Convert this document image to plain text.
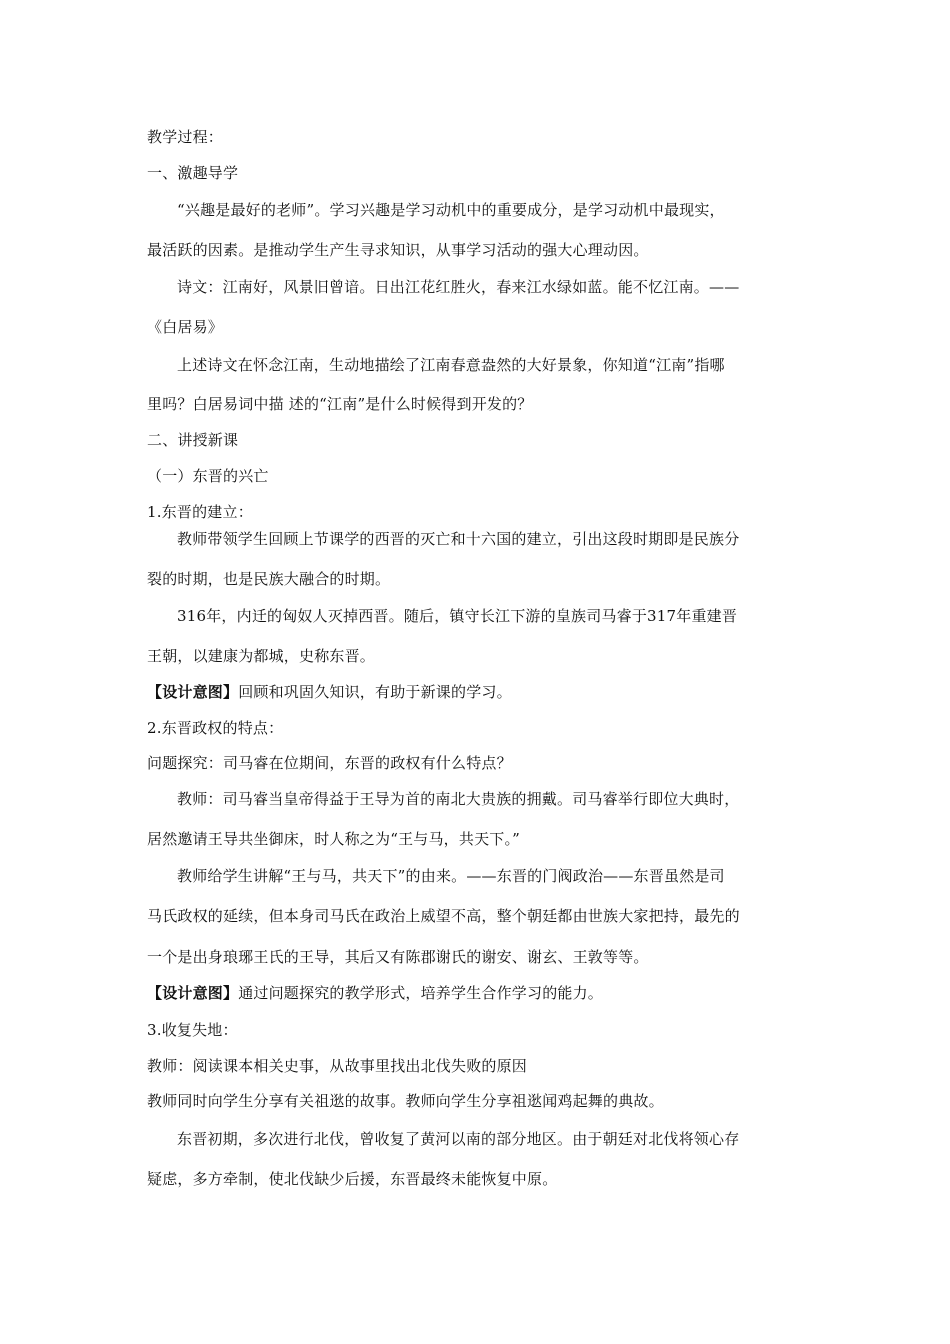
教学过程：
一、激趣导学
“兴趣是最好的老师”。学习兴趣是学习动机中的重要成分，是学习动机中最现实，
最活跃的因素。是推动学生产生寻求知识，从事学习活动的强大心理动因。
诗文：江南好，风景旧曾谙。日出江花红胜火，春来江水绿如蓝。能不忆江南。——
《白居易》
上述诗文在怀念江南，生动地描绘了江南春意盎然的大好景象，你知道“江南”指哪
里吗？白居易词中描 述的“江南”是什么时候得到开发的？
二、讲授新课
（一）东晋的兴亡
1.东晋的建立：
教师带领学生回顾上节课学的西晋的灭亡和十六国的建立，引出这段时期即是民族分
裂的时期，也是民族大融合的时期。
316年，内迁的匈奴人灭掉西晋。随后，镇守长江下游的皇族司马睿于317年重建晋
王朝，以建康为都城，史称东晋。
【设计意图】回顾和巩固久知识，有助于新课的学习。
2.东晋政权的特点：
问题探究：司马睿在位期间，东晋的政权有什么特点？
教师：司马睿当皇帝得益于王导为首的南北大贵族的拥戴。司马睿举行即位大典时，
居然邀请王导共坐御床，时人称之为“王与马，共天下。”
教师给学生讲解“王与马，共天下”的由来。——东晋的门阀政治——东晋虽然是司
马氏政权的延续，但本身司马氏在政治上威望不高，整个朝廷都由世族大家把持，最先的
一个是出身琅琊王氏的王导，其后又有陈郡谢氏的谢安、谢玄、王敦等等。
【设计意图】通过问题探究的教学形式，培养学生合作学习的能力。
3.收复失地：
教师：阅读课本相关史事，从故事里找出北伐失败的原因
教师同时向学生分享有关祖逖的故事。教师向学生分享祖逖闻鸡起舞的典故。
东晋初期，多次进行北伐，曾收复了黄河以南的部分地区。由于朝廷对北伐将领心存
疑虑，多方牵制，使北伐缺少后援，东晋最终未能恢复中原。
